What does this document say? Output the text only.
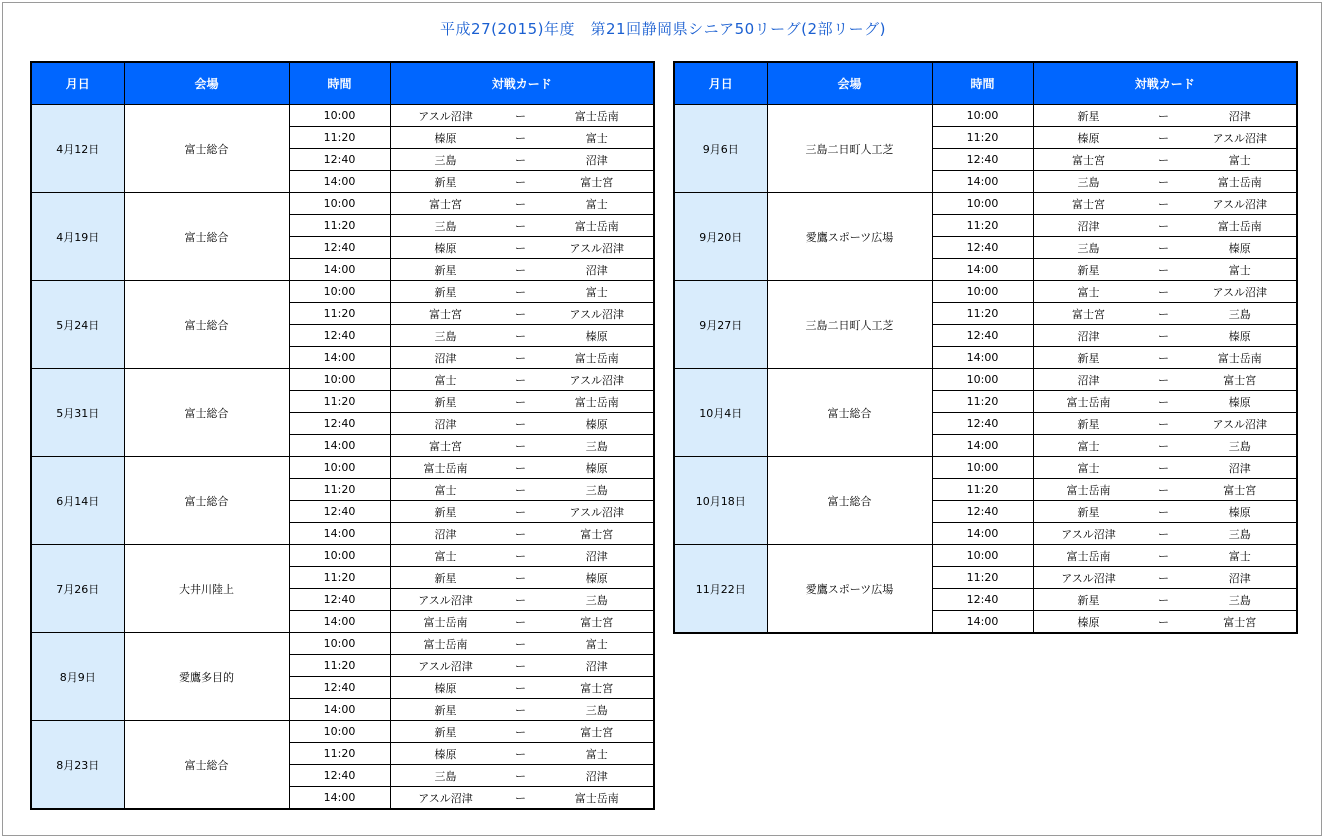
平成27(2015)年度　第21回静岡県シニア50リーグ(2部リーグ)
月日	会場	時間	対戦カード
4月12日	富士総合	10:00	アスル沼津 ー 富士岳南

		11:20	榛原 ー 富士

		12:40	三島 ー 沼津

		14:00	新星 ー 富士宮

4月19日	富士総合	10:00	富士宮 ー 富士

		11:20	三島 ー 富士岳南

		12:40	榛原 ー アスル沼津

		14:00	新星 ー 沼津

5月24日	富士総合	10:00	新星 ー 富士

		11:20	富士宮 ー アスル沼津

		12:40	三島 ー 榛原

		14:00	沼津 ー 富士岳南

5月31日	富士総合	10:00	富士 ー アスル沼津

		11:20	新星 ー 富士岳南

		12:40	沼津 ー 榛原

		14:00	富士宮 ー 三島

6月14日	富士総合	10:00	富士岳南 ー 榛原

		11:20	富士 ー 三島

		12:40	新星 ー アスル沼津

		14:00	沼津 ー 富士宮

7月26日	大井川陸上	10:00	富士 ー 沼津

		11:20	新星 ー 榛原

		12:40	アスル沼津 ー 三島

		14:00	富士岳南 ー 富士宮

8月9日	愛鷹多目的	10:00	富士岳南 ー 富士

		11:20	アスル沼津 ー 沼津

		12:40	榛原 ー 富士宮

		14:00	新星 ー 三島

8月23日	富士総合	10:00	新星 ー 富士宮

		11:20	榛原 ー 富士

		12:40	三島 ー 沼津

		14:00	アスル沼津 ー 富士岳南
月日	会場	時間	対戦カード
9月6日	三島二日町人工芝	10:00	新星 ー 沼津

		11:20	榛原 ー アスル沼津

		12:40	富士宮 ー 富士

		14:00	三島 ー 富士岳南

9月20日	愛鷹スポーツ広場	10:00	富士宮 ー アスル沼津

		11:20	沼津 ー 富士岳南

		12:40	三島 ー 榛原

		14:00	新星 ー 富士

9月27日	三島二日町人工芝	10:00	富士 ー アスル沼津

		11:20	富士宮 ー 三島

		12:40	沼津 ー 榛原

		14:00	新星 ー 富士岳南

10月4日	富士総合	10:00	沼津 ー 富士宮

		11:20	富士岳南 ー 榛原

		12:40	新星 ー アスル沼津

		14:00	富士 ー 三島

10月18日	富士総合	10:00	富士 ー 沼津

		11:20	富士岳南 ー 富士宮

		12:40	新星 ー 榛原

		14:00	アスル沼津 ー 三島

11月22日	愛鷹スポーツ広場	10:00	富士岳南 ー 富士

		11:20	アスル沼津 ー 沼津

		12:40	新星 ー 三島

		14:00	榛原 ー 富士宮
